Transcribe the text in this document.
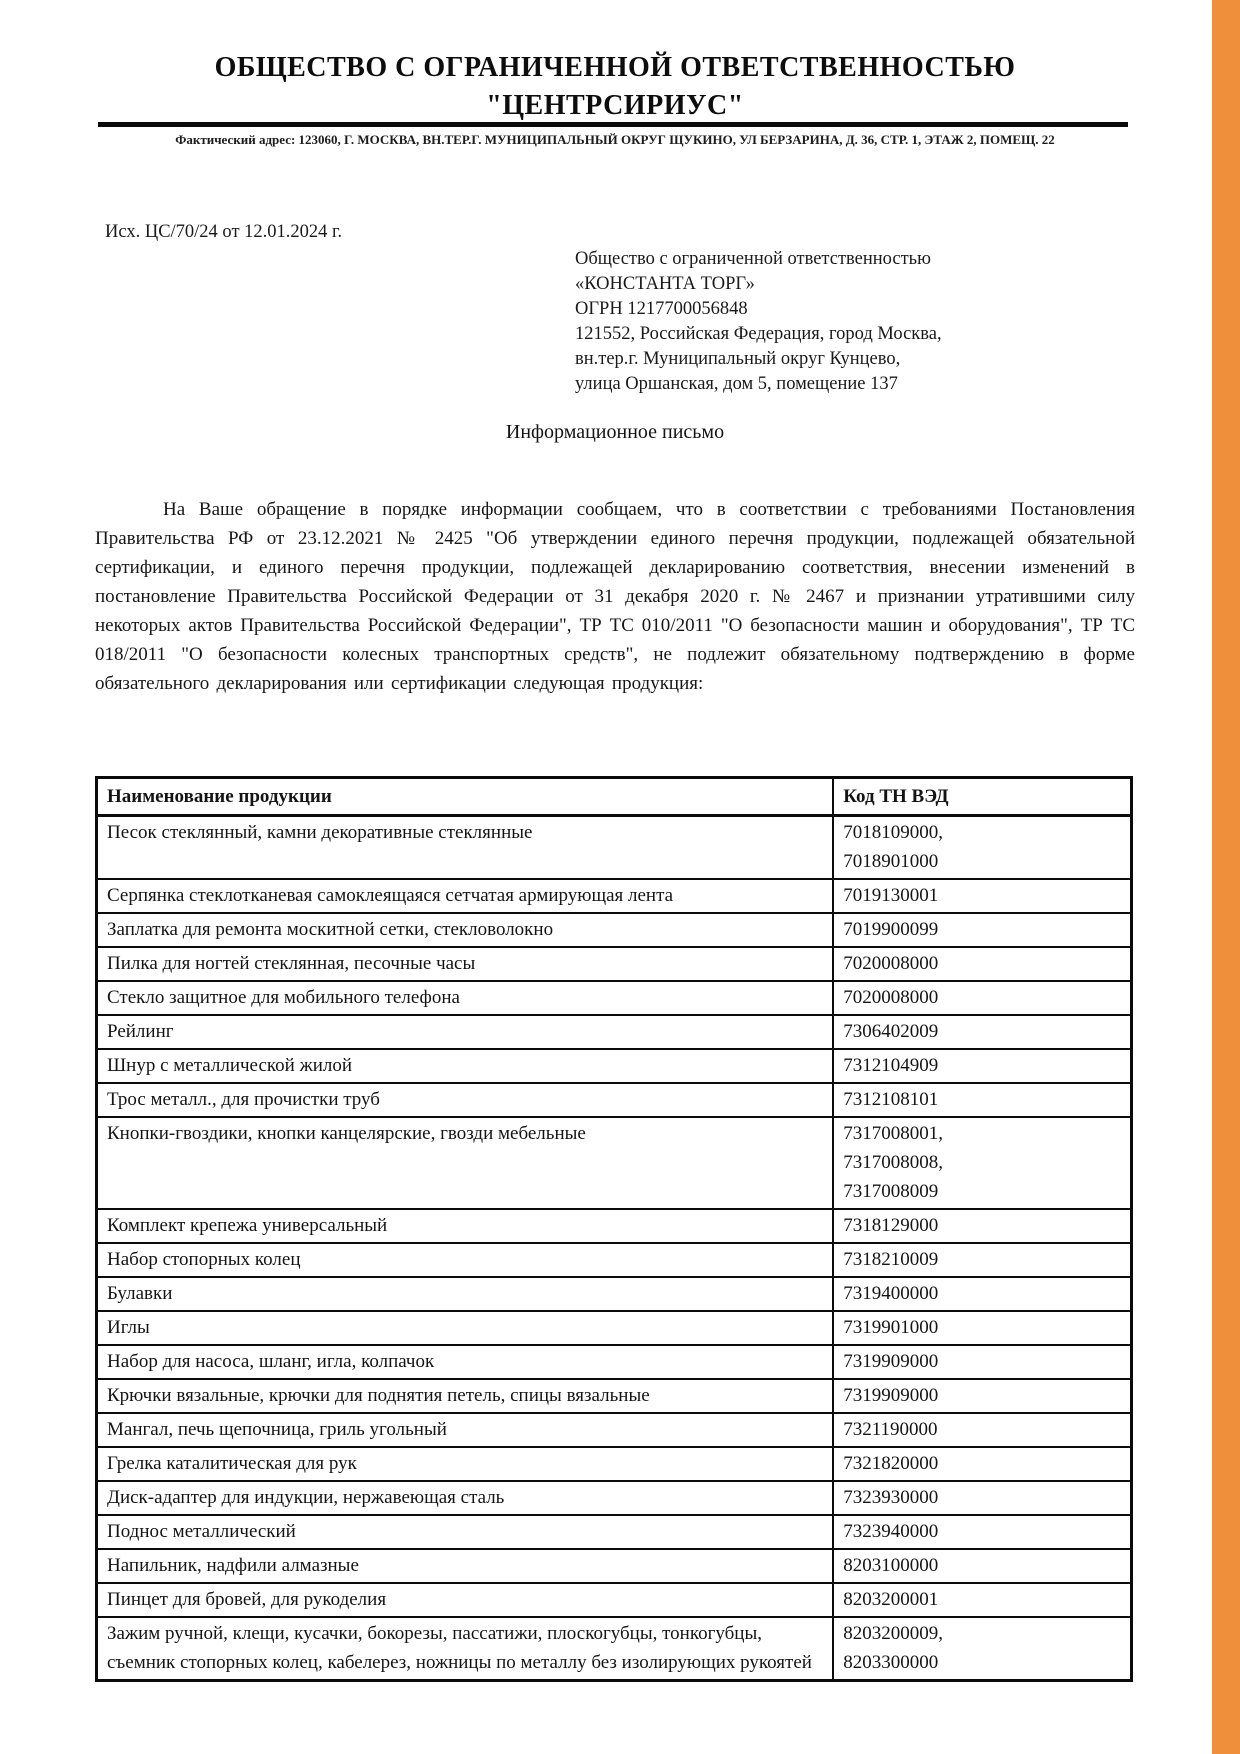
ОБЩЕСТВО С ОГРАНИЧЕННОЙ ОТВЕТСТВЕННОСТЬЮ
"ЦЕНТРСИРИУС"
Фактический адрес: 123060, Г. МОСКВА, ВН.ТЕР.Г. МУНИЦИПАЛЬНЫЙ ОКРУГ ЩУКИНО, УЛ БЕРЗАРИНА, Д. 36, СТР. 1, ЭТАЖ 2, ПОМЕЩ. 22
Исх. ЦС/70/24 от 12.01.2024 г.
Общество с ограниченной ответственностью
«КОНСТАНТА ТОРГ»
ОГРН 1217700056848
121552, Российская Федерация, город Москва,
вн.тер.г. Муниципальный округ Кунцево,
улица Оршанская, дом 5, помещение 137
Информационное письмо

На Ваше обращение в порядке информации сообщаем, что в соответствии с требованиями Постановления Правительства РФ от 23.12.2021 № 2425 "Об утверждении единого перечня продукции, подлежащей обязательной сертификации, и единого перечня продукции, подлежащей декларированию соответствия, внесении изменений в постановление Правительства Российской Федерации от 31 декабря 2020 г. № 2467 и признании утратившими силу некоторых актов Правительства Российской Федерации", ТР ТС 010/2011 "О безопасности машин и оборудования", ТР ТС 018/2011 "О безопасности колесных транспортных средств", не подлежит обязательному подтверждению в форме обязательного декларирования или сертификации следующая продукция:

Наименование продукции	Код ТН ВЭД
Песок стеклянный, камни декоративные стеклянные	7018109000,
7018901000

Серпянка стеклотканевая самоклеящаяся сетчатая армирующая лента	7019130001

Заплатка для ремонта москитной сетки, стекловолокно	7019900099

Пилка для ногтей стеклянная, песочные часы	7020008000

Стекло защитное для мобильного телефона	7020008000

Рейлинг	7306402009

Шнур с металлической жилой	7312104909

Трос металл., для прочистки труб	7312108101

Кнопки-гвоздики, кнопки канцелярские, гвозди мебельные	7317008001,
7317008008,
7317008009

Комплект крепежа универсальный	7318129000

Набор стопорных колец	7318210009

Булавки	7319400000

Иглы	7319901000

Набор для насоса, шланг, игла, колпачок	7319909000

Крючки вязальные, крючки для поднятия петель, спицы вязальные	7319909000

Мангал, печь щепочница, гриль угольный	7321190000

Грелка каталитическая для рук	7321820000

Диск-адаптер для индукции, нержавеющая сталь	7323930000

Поднос металлический	7323940000

Напильник, надфили алмазные	8203100000

Пинцет для бровей, для рукоделия	8203200001

Зажим ручной, клещи, кусачки, бокорезы, пассатижи, плоскогубцы, тонкогубцы, съемник стопорных колец, кабелерез, ножницы по металлу без изолирующих рукоятей	8203200009,
8203300000
